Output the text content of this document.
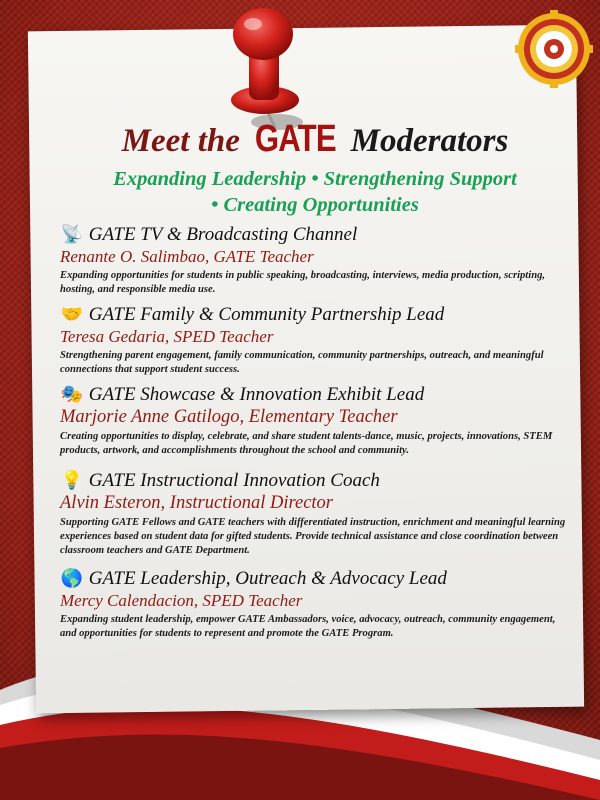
Meet the GATE Moderators
Expanding Leadership • Strengthening Support
• Creating Opportunities
📡 GATE TV & Broadcasting Channel
Renante O. Salimbao, GATE Teacher
Expanding opportunities for students in public speaking, broadcasting, interviews, media production, scripting, hosting, and responsible media use.
🤝 GATE Family & Community Partnership Lead
Teresa Gedaria, SPED Teacher
Strengthening parent engagement, family communication, community partnerships, outreach, and meaningful connections that support student success.
🎭 GATE Showcase & Innovation Exhibit Lead
Marjorie Anne Gatilogo, Elementary Teacher
Creating opportunities to display, celebrate, and share student talents-dance, music, projects, innovations, STEM products, artwork, and accomplishments throughout the school and community.
💡 GATE Instructional Innovation Coach
Alvin Esteron, Instructional Director
Supporting GATE Fellows and GATE teachers with differentiated instruction, enrichment and meaningful learning experiences based on student data for gifted students. Provide technical assistance and close coordination between classroom teachers and GATE Department.
🌎 GATE Leadership, Outreach & Advocacy Lead
Mercy Calendacion, SPED Teacher
Expanding student leadership, empower GATE Ambassadors, voice, advocacy, outreach, community engagement, and opportunities for students to represent and promote the GATE Program.
